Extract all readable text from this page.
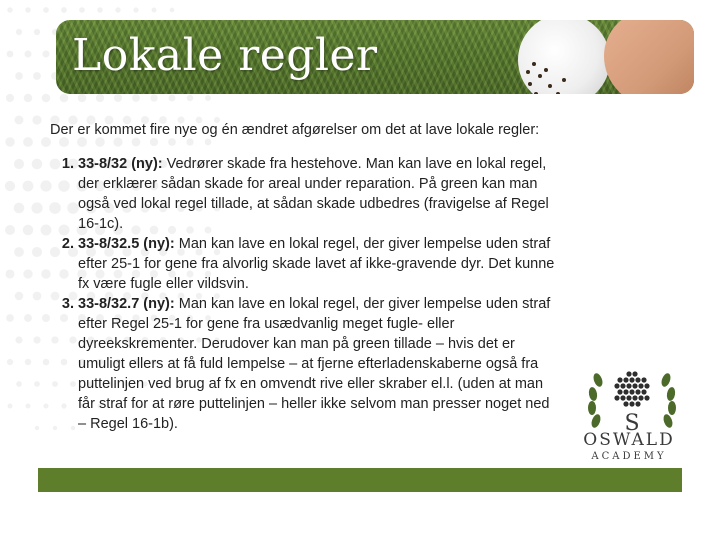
Lokale regler

Der er kommet fire nye og én ændret afgørelser om det at lave lokale regler:

1. 33-8/32 (ny): Vedrører skade fra hestehove. Man kan lave en lokal regel, der erklærer sådan skade for areal under reparation. På green kan man også ved lokal regel tillade, at sådan skade udbedres (fravigelse af Regel 16-1c).
2. 33-8/32.5 (ny): Man kan lave en lokal regel, der giver lempelse uden straf efter 25-1 for gene fra alvorlig skade lavet af ikke-gravende dyr. Det kunne fx være fugle eller vildsvin.
3. 33-8/32.7 (ny): Man kan lave en lokal regel, der giver lempelse uden straf efter Regel 25-1 for gene fra usædvanlig meget fugle- eller dyreekskrementer. Derudover kan man på green tillade – hvis det er umuligt ellers at få fuld lempelse – at fjerne efterladenskaberne også fra puttelinjen ved brug af fx en omvendt rive eller skraber el.l. (uden at man får straf for at røre puttelinjen – heller ikke selvom man presser noget ned – Regel 16-1b).	S
OSWALD
ACADEMY
